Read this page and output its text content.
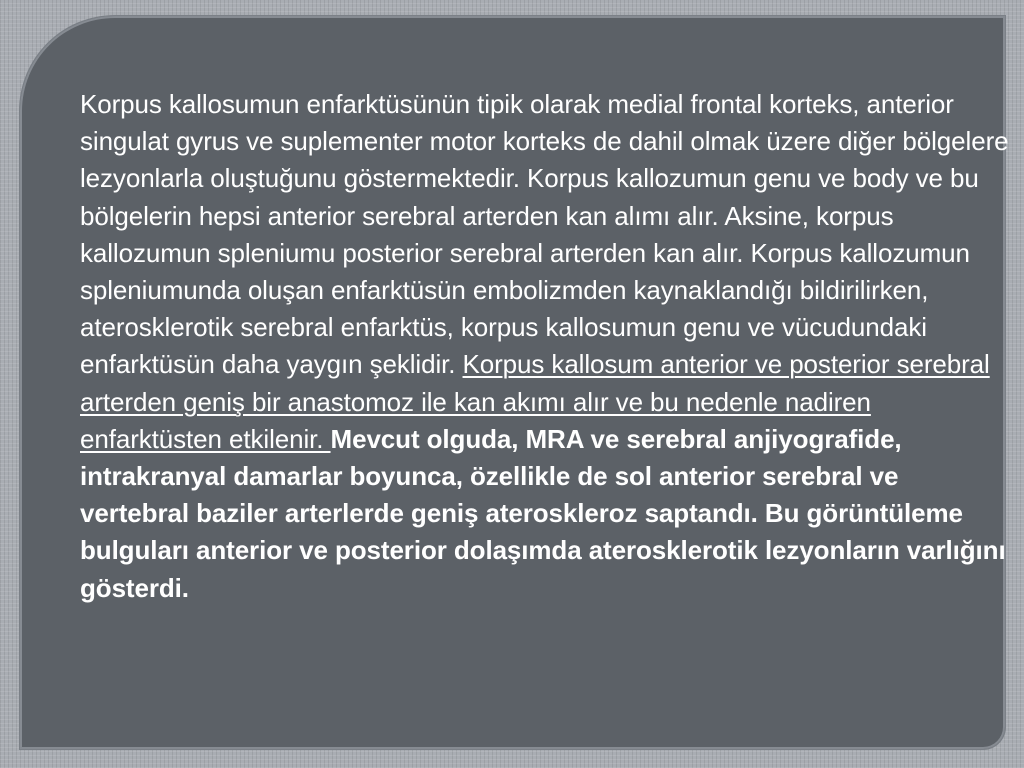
Korpus kallosumun enfarktüsünün tipik olarak medial frontal korteks, anterior singulat gyrus ve suplementer motor korteks de dahil olmak üzere diğer bölgelere lezyonlarla oluştuğunu göstermektedir. Korpus kallozumun genu ve body ve bu bölgelerin hepsi anterior serebral arterden kan alımı alır. Aksine, korpus kallozumun spleniumu posterior serebral arterden kan alır. Korpus kallozumun spleniumunda oluşan enfarktüsün embolizmden kaynaklandığı bildirilirken, aterosklerotik serebral enfarktüs, korpus kallosumun genu ve vücudundaki enfarktüsün daha yaygın şeklidir. Korpus kallosum anterior ve posterior serebral arterden geniş bir anastomoz ile kan akımı alır ve bu nedenle nadiren enfarktüsten etkilenir. Mevcut olguda, MRA ve serebral anjiyografide, intrakranyal damarlar boyunca, özellikle de sol anterior serebral ve vertebral baziler arterlerde geniş ateroskleroz saptandı. Bu görüntüleme bulguları anterior ve posterior dolaşımda aterosklerotik lezyonların varlığını gösterdi.
